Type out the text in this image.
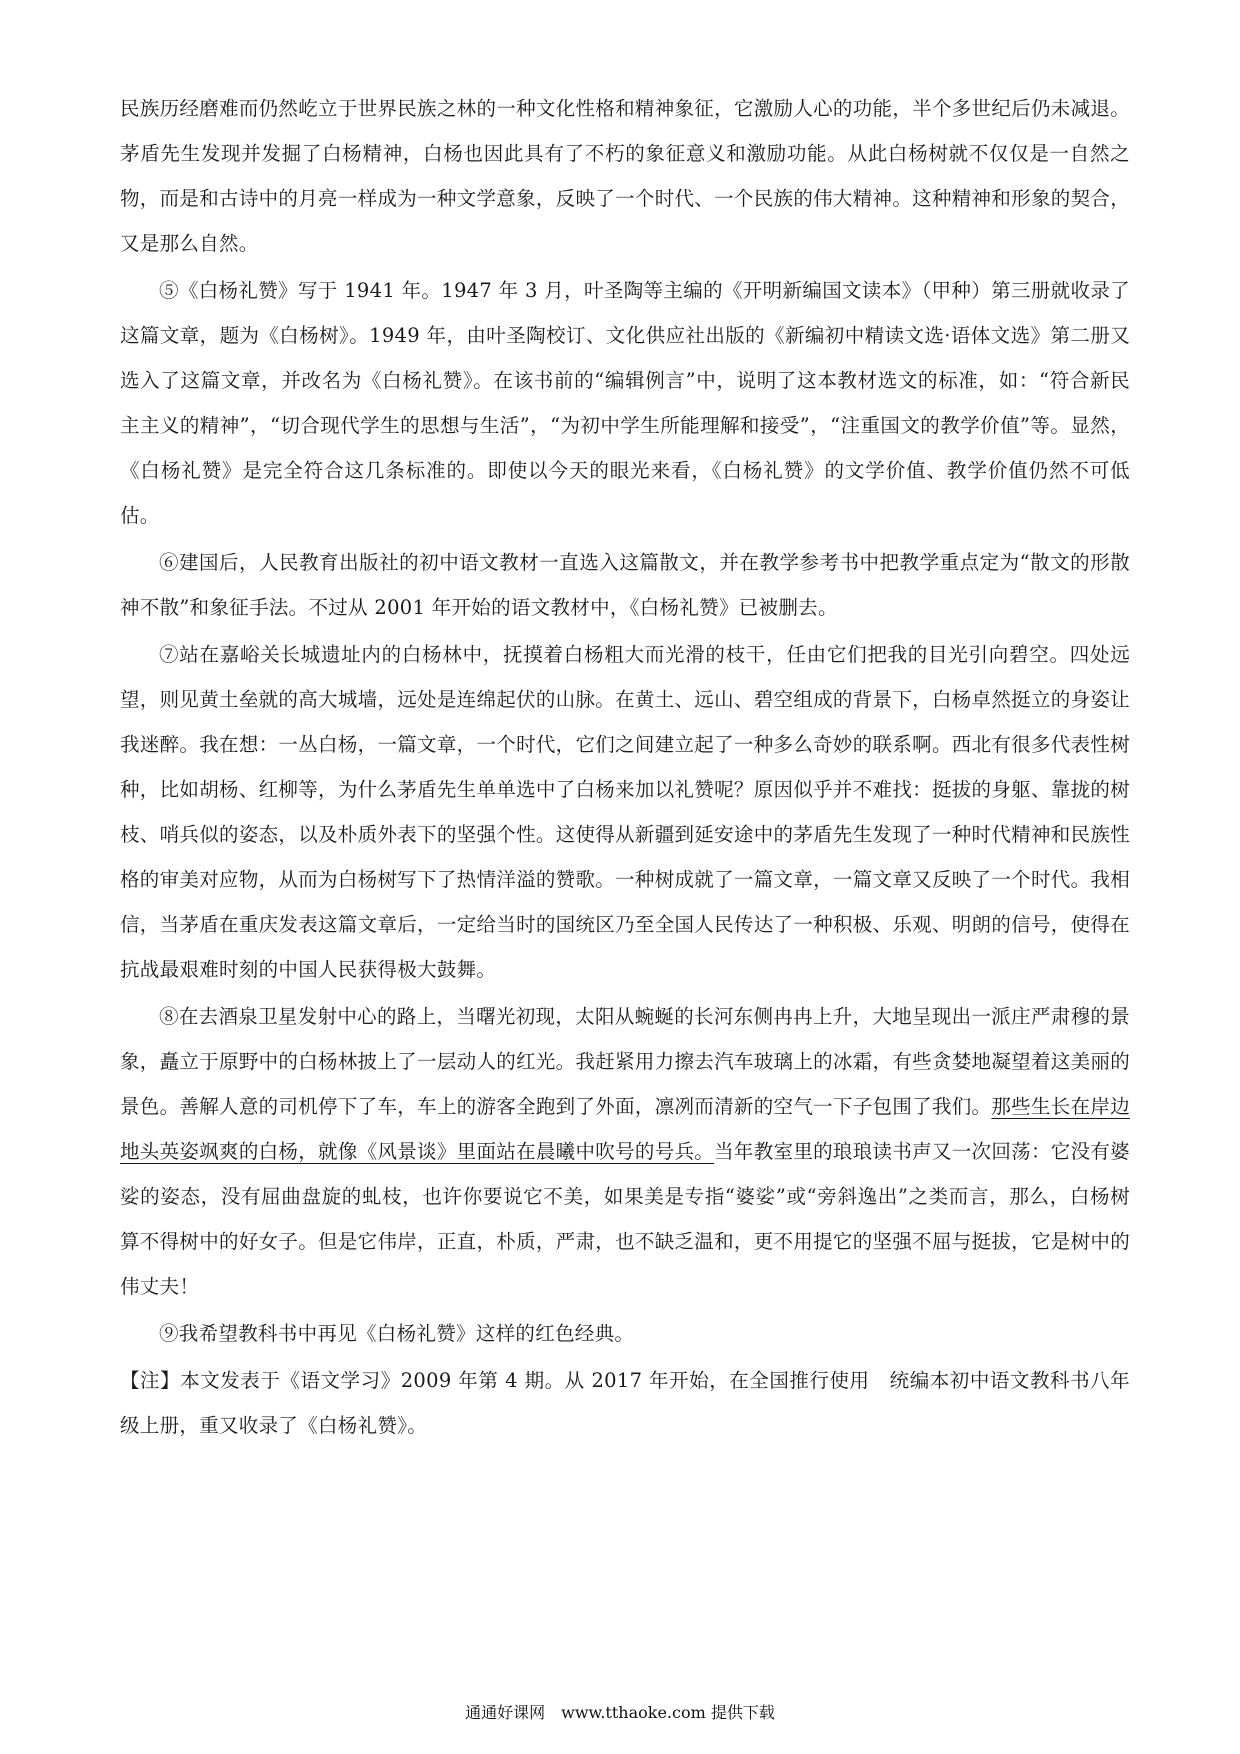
民族历经磨难而仍然屹立于世界民族之林的一种文化性格和精神象征，它激励人心的功能，半个多世纪后仍未减退。茅盾先生发现并发掘了白杨精神，白杨也因此具有了不朽的象征意义和激励功能。从此白杨树就不仅仅是一自然之物，而是和古诗中的月亮一样成为一种文学意象，反映了一个时代、一个民族的伟大精神。这种精神和形象的契合，又是那么自然。

⑤《白杨礼赞》写于 1941 年。1947 年 3 月，叶圣陶等主编的《开明新编国文读本》（甲种）第三册就收录了这篇文章，题为《白杨树》。1949 年，由叶圣陶校订、文化供应社出版的《新编初中精读文选·语体文选》第二册又选入了这篇文章，并改名为《白杨礼赞》。在该书前的“编辑例言”中，说明了这本教材选文的标准，如：“符合新民主主义的精神”，“切合现代学生的思想与生活”，“为初中学生所能理解和接受”，“注重国文的教学价值”等。显然，《白杨礼赞》是完全符合这几条标准的。即使以今天的眼光来看，《白杨礼赞》的文学价值、教学价值仍然不可低估。

⑥建国后，人民教育出版社的初中语文教材一直选入这篇散文，并在教学参考书中把教学重点定为“散文的形散神不散”和象征手法。不过从 2001 年开始的语文教材中，《白杨礼赞》已被删去。

⑦站在嘉峪关长城遗址内的白杨林中，抚摸着白杨粗大而光滑的枝干，任由它们把我的目光引向碧空。四处远望，则见黄土垒就的高大城墙，远处是连绵起伏的山脉。在黄土、远山、碧空组成的背景下，白杨卓然挺立的身姿让我迷醉。我在想：一丛白杨，一篇文章，一个时代，它们之间建立起了一种多么奇妙的联系啊。西北有很多代表性树种，比如胡杨、红柳等，为什么茅盾先生单单选中了白杨来加以礼赞呢？原因似乎并不难找：挺拔的身躯、靠拢的树枝、哨兵似的姿态，以及朴质外表下的坚强个性。这使得从新疆到延安途中的茅盾先生发现了一种时代精神和民族性格的审美对应物，从而为白杨树写下了热情洋溢的赞歌。一种树成就了一篇文章，一篇文章又反映了一个时代。我相信，当茅盾在重庆发表这篇文章后，一定给当时的国统区乃至全国人民传达了一种积极、乐观、明朗的信号，使得在抗战最艰难时刻的中国人民获得极大鼓舞。

⑧在去酒泉卫星发射中心的路上，当曙光初现，太阳从蜿蜒的长河东侧冉冉上升，大地呈现出一派庄严肃穆的景象，矗立于原野中的白杨林披上了一层动人的红光。我赶紧用力擦去汽车玻璃上的冰霜，有些贪婪地凝望着这美丽的景色。善解人意的司机停下了车，车上的游客全跑到了外面，凛冽而清新的空气一下子包围了我们。那些生长在岸边地头英姿飒爽的白杨，就像《风景谈》里面站在晨曦中吹号的号兵。当年教室里的琅琅读书声又一次回荡：它没有婆娑的姿态，没有屈曲盘旋的虬枝，也许你要说它不美，如果美是专指“婆娑”或“旁斜逸出”之类而言，那么，白杨树算不得树中的好女子。但是它伟岸，正直，朴质，严肃，也不缺乏温和，更不用提它的坚强不屈与挺拔，它是树中的伟丈夫！

⑨我希望教科书中再见《白杨礼赞》这样的红色经典。

【注】本文发表于《语文学习》2009 年第 4 期。从 2017 年开始，在全国推行使用　统编本初中语文教科书八年级上册，重又收录了《白杨礼赞》。

通通好课网　www.tthaoke.com 提供下载
